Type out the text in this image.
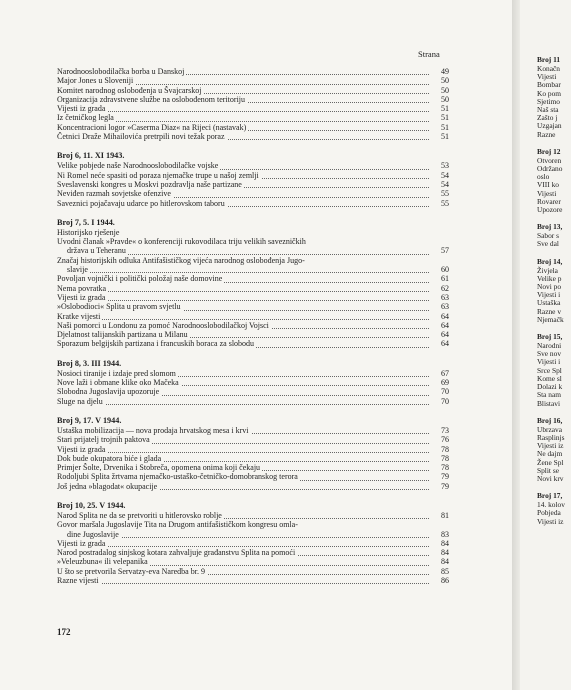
Strana
Narodnooslobodilačka borba u Danskoj	49
Major Jones u Sloveniji	50
Komitet narodnog oslobođenja u Švajcarskoj	50
Organizacija zdravstvene službe na oslobođenom teritoriju	50
Vijesti iz grada	51
Iz četničkog legla	51
Koncentracioni logor »Caserma Diaz« na Rijeci (nastavak)	51
Četnici Draže Mihailovića pretrpili novi težak poraz	51
Broj 6, 11. XI 1943.
Velike pobjede naše Narodnooslobodilačke vojske	53
Ni Romel neće spasiti od poraza njemačke trupe u našoj zemlji	54
Sveslavenski kongres u Moskvi pozdravlja naše partizane	54
Neviđen razmah sovjetske ofenzive	55
Saveznici pojačavaju udarce po hitlerovskom taboru	55
Broj 7, 5. I 1944.
Historijsko rješenje
Uvodni članak »Pravde« o konferenciji rukovodilaca triju velikih savezničkih
država u Teheranu	57
Značaj historijskih odluka Antifašističkog vijeća narodnog oslobođenja Jugo-
slavije	60
Povoljan vojnički i politički položaj naše domovine	61
Nema povratka	62
Vijesti iz grada	63
»Oslobodioci« Splita u pravom svjetlu	63
Kratke vijesti	64
Naši pomorci u Londonu za pomoć Narodnooslobodilačkoj Vojsci	64
Djelatnost talijanskih partizana u Milanu	64
Sporazum belgijskih partizana i francuskih boraca za slobodu	64
Broj 8, 3. III 1944.
Nosioci tiranije i izdaje pred slomom	67
Nove laži i obmane klike oko Mačeka	69
Slobodna Jugoslavija upozoruje	70
Sluge na djelu	70
Broj 9, 17. V 1944.
Ustaška mobilizacija — nova prodaja hrvatskog mesa i krvi	73
Stari prijatelj trojnih paktova	76
Vijesti iz grada	78
Dok bude okupatora biće i glada	78
Primjer Šolte, Drvenika i Stobreča, opomena onima koji čekaju	78
Rodoljubi Splita žrtvama njemačko-ustaško-četničko-domobranskog terora	79
Još jedna »blagodat« okupacije	79
Broj 10, 25. V 1944.
Narod Splita ne da se pretvoriti u hitlerovsko roblje	81
Govor maršala Jugoslavije Tita na Drugom antifašističkom kongresu omla-
dine Jugoslavije	83
Vijesti iz grada	84
Narod postradalog sinjskog kotara zahvaljuje građanstvu Splita na pomoći	84
»Veleuzbuna« ili velepanika	84
U što se pretvorila Servatzy-eva Naredba br. 9	85
Razne vijesti	86
172
Broj 11
Konačn
Vijesti
Bombar
Ko pom
Sjetimo
Naš sta
Zašto j
Uzgajan
Razne
Broj 12
Otvoren
Održano
oslo
VIII ko
Vijesti
Rovarer
Upozore
Broj 13,
Sabor s
Sve dal
Broj 14,
Živjela
Velike p
Novi po
Vijesti i
Ustaška
Razne v
Njemačk
Broj 15,
Narodni
Sve nov
Vijesti i
Srce Spl
Kome sl
Dolazi k
Sta nam
Blistavi
Broj 16,
Ubrzava
Rasplinjs
Vijesti iz
Ne dajm
Žene Spl
Split se
Novi krv
Broj 17,
14. kolov
Pobjeda
Vijesti iz
